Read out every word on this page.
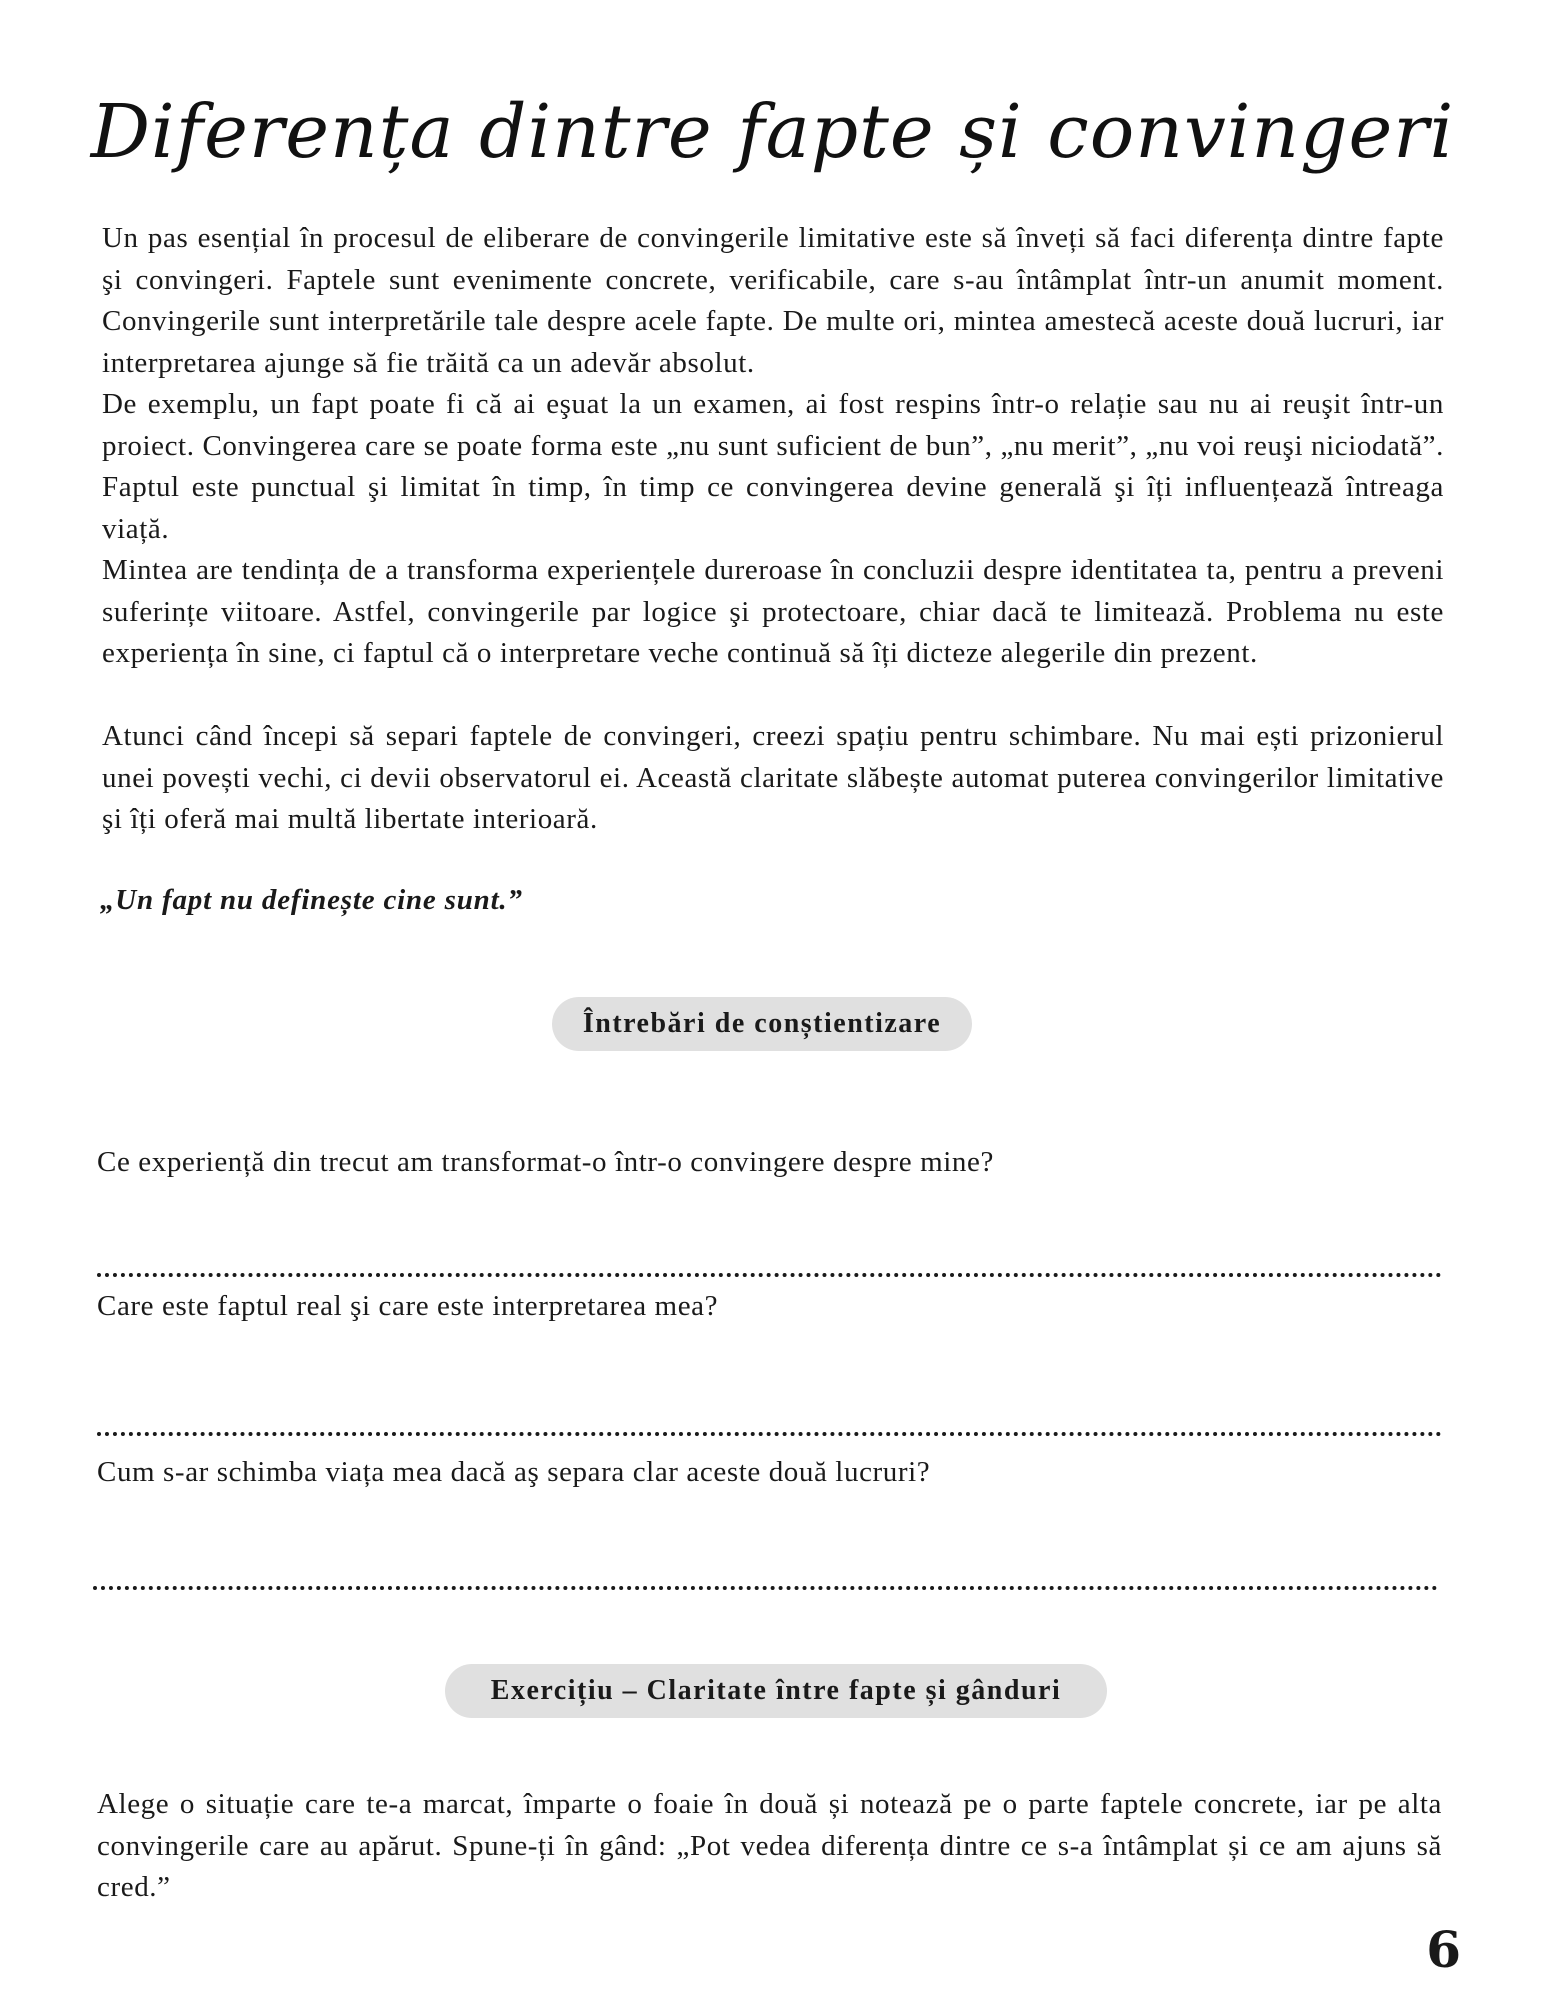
Diferența dintre fapte și convingeri

Un pas esențial în procesul de eliberare de convingerile limitative este să înveți să faci diferența dintre fapte şi convingeri. Faptele sunt evenimente concrete, verificabile, care s-au întâmplat într-un anumit moment. Convingerile sunt interpretările tale despre acele fapte. De multe ori, mintea amestecă aceste două lucruri, iar interpretarea ajunge să fie trăită ca un adevăr absolut.

De exemplu, un fapt poate fi că ai eşuat la un examen, ai fost respins într-o relație sau nu ai reuşit într-un proiect. Convingerea care se poate forma este „nu sunt suficient de bun”, „nu merit”, „nu voi reuşi niciodată”. Faptul este punctual şi limitat în timp, în timp ce convingerea devine generală şi îți influențează întreaga viață.

Mintea are tendința de a transforma experiențele dureroase în concluzii despre identitatea ta, pentru a preveni suferințe viitoare. Astfel, convingerile par logice şi protectoare, chiar dacă te limitează. Problema nu este experiența în sine, ci faptul că o interpretare veche continuă să îți dicteze alegerile din prezent.

Atunci când începi să separi faptele de convingeri, creezi spațiu pentru schimbare. Nu mai ești prizonierul unei povești vechi, ci devii observatorul ei. Această claritate slăbește automat puterea convingerilor limitative şi îți oferă mai multă libertate interioară.

„Un fapt nu definește cine sunt.”
Întrebări de conștientizare
Ce experiență din trecut am transformat-o într-o convingere despre mine?
Care este faptul real şi care este interpretarea mea?
Cum s-ar schimba viața mea dacă aş separa clar aceste două lucruri?
Exercițiu – Claritate între fapte și gânduri

Alege o situație care te-a marcat, împarte o foaie în două și notează pe o parte faptele concrete, iar pe alta convingerile care au apărut. Spune-ți în gând: „Pot vedea diferența dintre ce s-a întâmplat și ce am ajuns să cred.”

6
